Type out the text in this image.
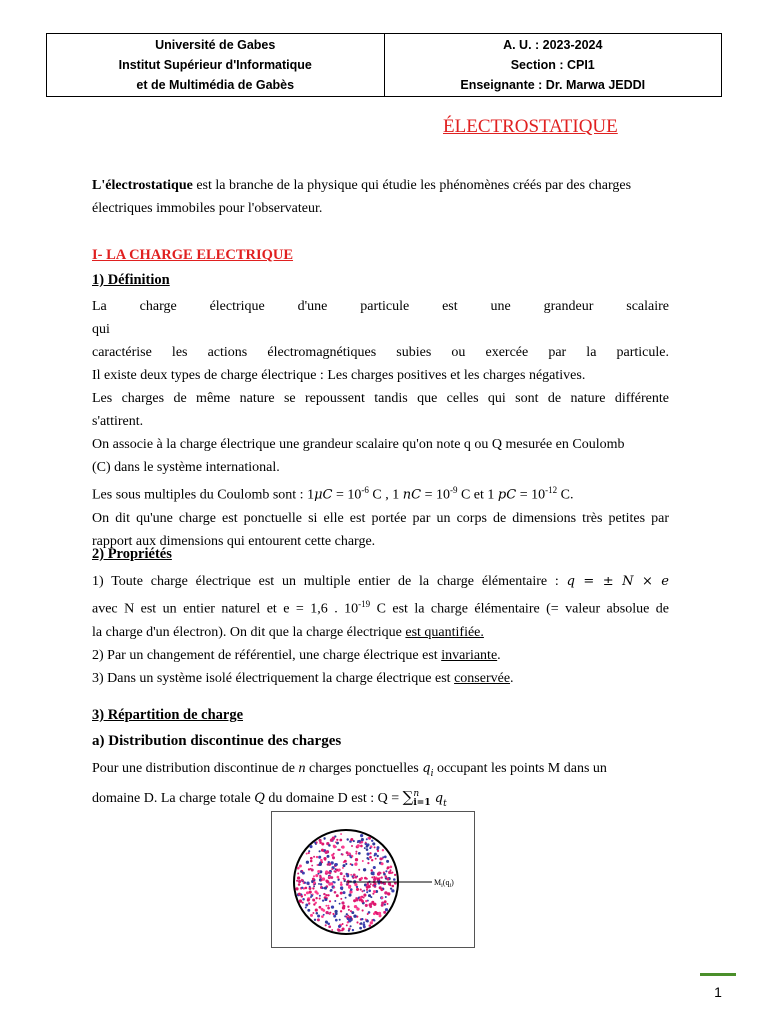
Université de Gabes
Institut Supérieur d'Informatique
et de Multimédia de Gabès
A. U. : 2023-2024
Section : CPI1
Enseignante : Dr. Marwa JEDDI
ÉLECTROSTATIQUE

L'électrostatique est la branche de la physique qui étudie les phénomènes créés par des charges

électriques immobiles pour l'observateur.

I- LA CHARGE ELECTRIQUE
1) Définition

La charge électrique d'une particule est une grandeur scalaire qui

caractérise les actions électromagnétiques subies ou exercée par la particule.

Il existe deux types de charge électrique : Les charges positives et les charges négatives.

Les charges de même nature se repoussent tandis que celles qui sont de nature différente

s'attirent.

On associe à la charge électrique une grandeur scalaire qu'on note q ou Q mesurée en Coulomb

(C) dans le système international.

Les sous multiples du Coulomb sont : $1\mu C = 10^{-6}$ C , 1 nC = $10^{-9}$ C et 1 pC = $10^{-12}$ C.

On dit qu'une charge est ponctuelle si elle est portée par un corps de dimensions très petites par

rapport aux dimensions qui entourent cette charge.

2) Propriétés

1) Toute charge électrique est un multiple entier de la charge élémentaire : q = ± N × e

avec N est un entier naturel et e = 1,6 . $10^{-19}$ C est la charge élémentaire (= valeur absolue de

la charge d'un électron). On dit que la charge électrique est quantifiée.

2) Par un changement de référentiel, une charge électrique est invariante.

3) Dans un système isolé électriquement la charge électrique est conservée.

3) Répartition de charge
a) Distribution discontinue des charges

Pour une distribution discontinue de n charges ponctuelles $q_i$ occupant les points M dans un

domaine D. La charge totale Q du domaine D est : Q = ∑ n
i=1 $q_t$

$M_i(q_i)$
1
